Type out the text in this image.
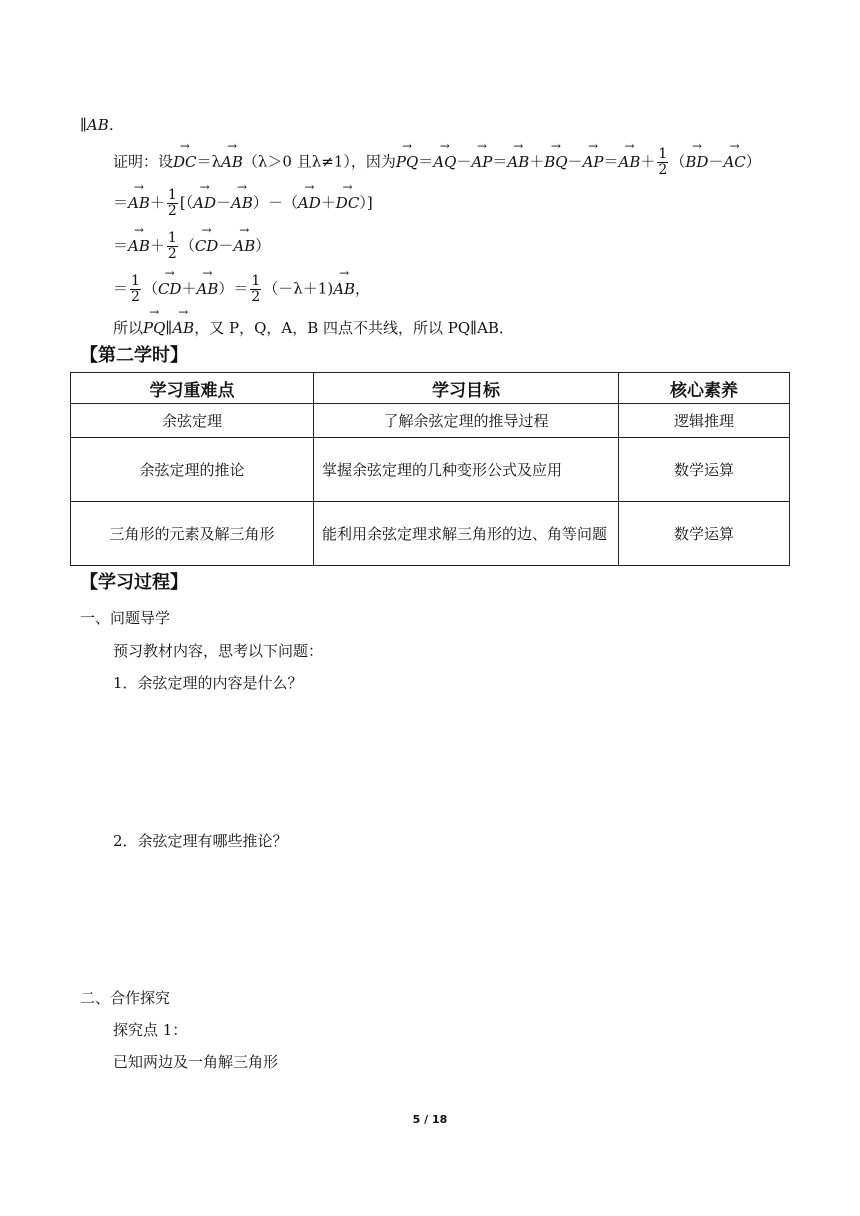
∥AB．
证明：设→ DC＝λ→ AB（λ＞0 且λ≠1），因为→ $PQ=\to AQ-\to AP=\to AB+\to BQ-\to AP=\to AB+ \frac{1}{2}$ （→ BD－→ AC）
＝→ $AB+ \frac{1}{2}$ [（→ AD－→ AB）－（→ AD＋→ DC）]
＝→ $AB+ \frac{1}{2}$ （→ CD－→ AB）
＝ $\frac{1}{2}$ （→ $CD+\to AB)= \frac{1}{2} (-\lambda+1)\to$ AB，
所以→ PQ∥→ AB，又 P，Q，A，B 四点不共线，所以 PQ∥AB．
【第二学时】
学习重难点	学习目标	核心素养
余弦定理	了解余弦定理的推导过程	逻辑推理
余弦定理的推论	掌握余弦定理的几种变形公式及应用	数学运算
三角形的元素及解三角形	能利用余弦定理求解三角形的边、角等问题	数学运算
【学习过程】
一、问题导学
预习教材内容，思考以下问题：
1．余弦定理的内容是什么？
2．余弦定理有哪些推论？
二、合作探究
探究点 1：
已知两边及一角解三角形
5 / 18
